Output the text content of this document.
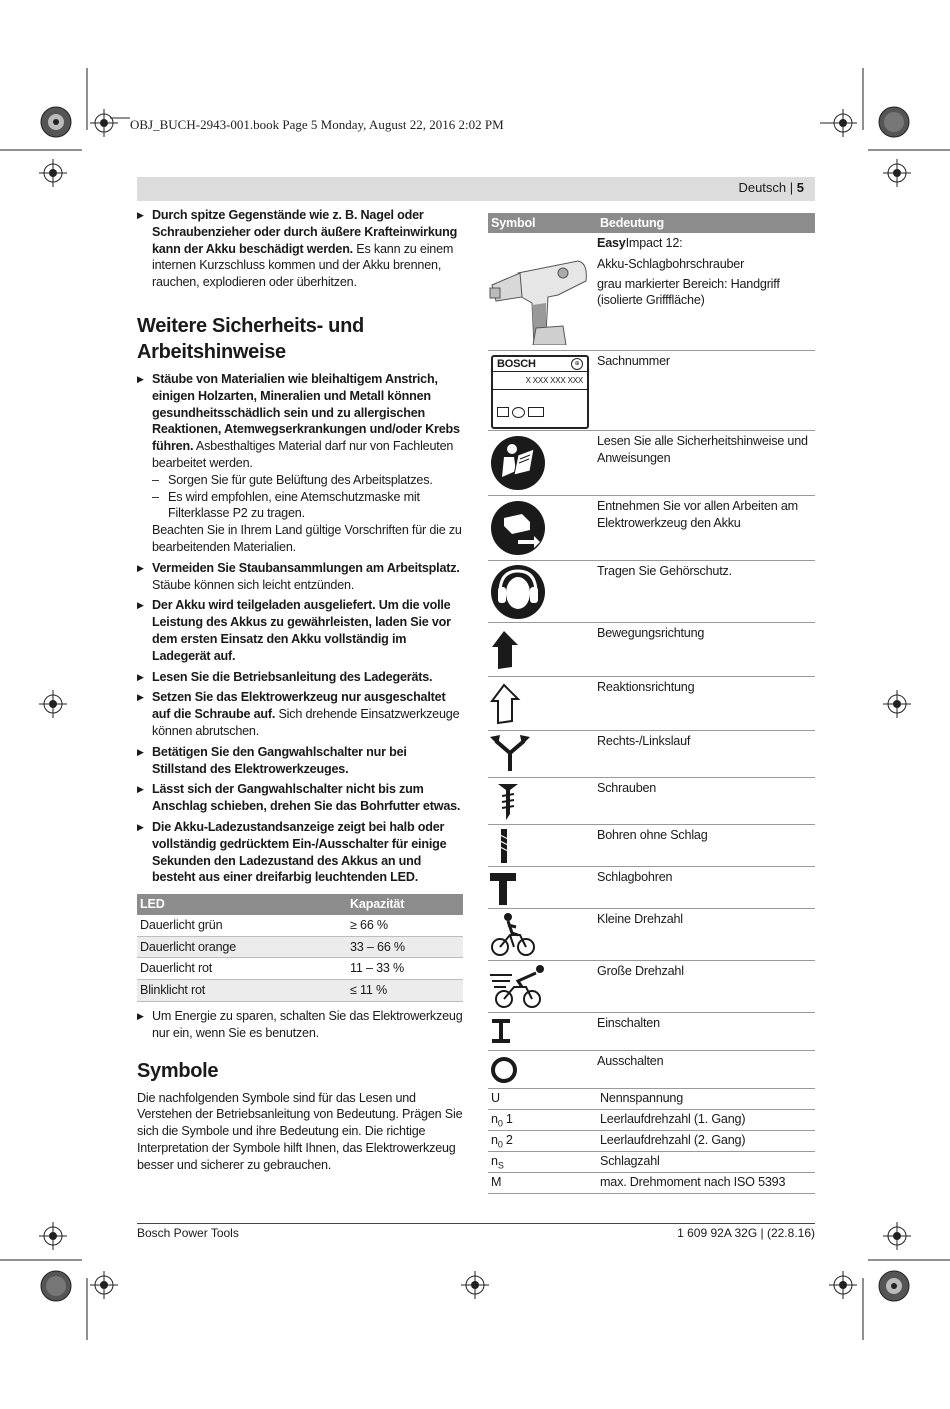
OBJ_BUCH-2943-001.book Page 5 Monday, August 22, 2016 2:02 PM
Deutsch | 5
▶ Durch spitze Gegenstände wie z. B. Nagel oder Schraubenzieher oder durch äußere Krafteinwirkung kann der Akku beschädigt werden. Es kann zu einem internen Kurzschluss kommen und der Akku brennen, rauchen, explodieren oder überhitzen.
Weitere Sicherheits- und Arbeitshinweise
▶ Stäube von Materialien wie bleihaltigem Anstrich, einigen Holzarten, Mineralien und Metall können gesundheitsschädlich sein und zu allergischen Reaktionen, Atemwegserkrankungen und/oder Krebs führen. Asbesthaltiges Material darf nur von Fachleuten bearbeitet werden.
– Sorgen Sie für gute Belüftung des Arbeitsplatzes.
– Es wird empfohlen, eine Atemschutzmaske mit Filterklasse P2 zu tragen.
Beachten Sie in Ihrem Land gültige Vorschriften für die zu bearbeitenden Materialien.
▶ Vermeiden Sie Staubansammlungen am Arbeitsplatz. Stäube können sich leicht entzünden.
▶ Der Akku wird teilgeladen ausgeliefert. Um die volle Leistung des Akkus zu gewährleisten, laden Sie vor dem ersten Einsatz den Akku vollständig im Ladegerät auf.
▶ Lesen Sie die Betriebsanleitung des Ladegeräts.
▶ Setzen Sie das Elektrowerkzeug nur ausgeschaltet auf die Schraube auf. Sich drehende Einsatzwerkzeuge können abrutschen.
▶ Betätigen Sie den Gangwahlschalter nur bei Stillstand des Elektrowerkzeuges.
▶ Lässt sich der Gangwahlschalter nicht bis zum Anschlag schieben, drehen Sie das Bohrfutter etwas.
▶ Die Akku-Ladezustandsanzeige zeigt bei halb oder vollständig gedrücktem Ein-/Ausschalter für einige Sekunden den Ladezustand des Akkus an und besteht aus einer dreifarbig leuchtenden LED.
LED	Kapazität
Dauerlicht grün	≥ 66 %
Dauerlicht orange	33 – 66 %
Dauerlicht rot	11 – 33 %
Blinklicht rot	≤ 11 %
▶ Um Energie zu sparen, schalten Sie das Elektrowerkzeug nur ein, wenn Sie es benutzen.
Symbole
Die nachfolgenden Symbole sind für das Lesen und Verstehen der Betriebsanleitung von Bedeutung. Prägen Sie sich die Symbole und ihre Bedeutung ein. Die richtige Interpretation der Symbole hilft Ihnen, das Elektrowerkzeug besser und sicherer zu gebrauchen.
Symbol	Bedeutung
EasyImpact 12:
Akku-Schlagbohrschrauber
grau markierter Bereich: Handgriff (isolierte Grifffläche)
BOSCH	⊕
X XXX XXX XXX
Sachnummer
Lesen Sie alle Sicherheitshinweise und Anweisungen
Entnehmen Sie vor allen Arbeiten am Elektrowerkzeug den Akku
Tragen Sie Gehörschutz.
Bewegungsrichtung
Reaktionsrichtung
Rechts-/Linkslauf
Schrauben
Bohren ohne Schlag
Schlagbohren
Kleine Drehzahl
Große Drehzahl
Einschalten
Ausschalten
U	Nennspannung
$n_0$ 1	Leerlaufdrehzahl (1. Gang)
$n_0$ 2	Leerlaufdrehzahl (2. Gang)
$n_S$	Schlagzahl
M	max. Drehmoment nach ISO 5393
Bosch Power Tools	1 609 92A 32G | (22.8.16)
